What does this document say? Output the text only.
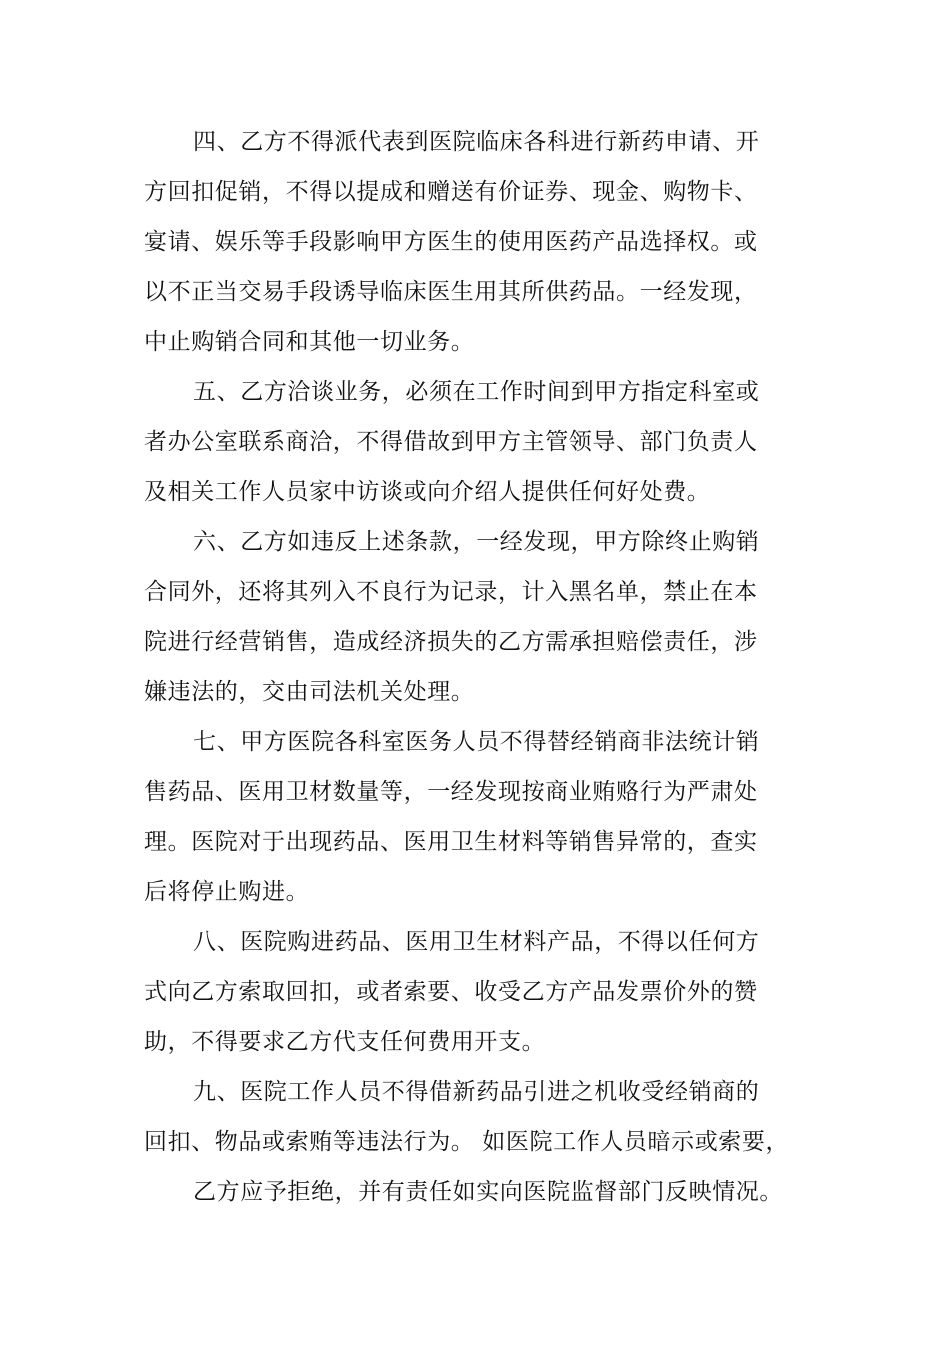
四、乙方不得派代表到医院临床各科进行新药申请、开
方回扣促销，不得以提成和赠送有价证券、现金、购物卡、
宴请、娱乐等手段影响甲方医生的使用医药产品选择权。或
以不正当交易手段诱导临床医生用其所供药品。一经发现，
中止购销合同和其他一切业务。
五、乙方洽谈业务，必须在工作时间到甲方指定科室或
者办公室联系商洽，不得借故到甲方主管领导、部门负责人
及相关工作人员家中访谈或向介绍人提供任何好处费。
六、乙方如违反上述条款，一经发现，甲方除终止购销
合同外，还将其列入不良行为记录，计入黑名单，禁止在本
院进行经营销售，造成经济损失的乙方需承担赔偿责任，涉
嫌违法的，交由司法机关处理。
七、甲方医院各科室医务人员不得替经销商非法统计销
售药品、医用卫材数量等，一经发现按商业贿赂行为严肃处
理。医院对于出现药品、医用卫生材料等销售异常的，查实
后将停止购进。
八、医院购进药品、医用卫生材料产品，不得以任何方
式向乙方索取回扣，或者索要、收受乙方产品发票价外的赞
助，不得要求乙方代支任何费用开支。
九、医院工作人员不得借新药品引进之机收受经销商的
回扣、物品或索贿等违法行为。 如医院工作人员暗示或索要，
乙方应予拒绝，并有责任如实向医院监督部门反映情况。
